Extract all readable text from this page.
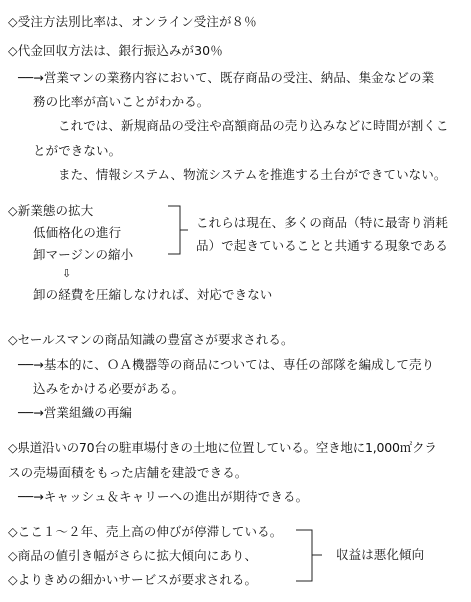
◇受注方法別比率は、オンライン受注が８％
◇代金回収方法は、銀行振込みが30％
──→営業マンの業務内容において、既存商品の受注、納品、集金などの業
務の比率が高いことがわかる。
これでは、新規商品の受注や高額商品の売り込みなどに時間が割くこ
とができない。
また、情報システム、物流システムを推進する土台ができていない。
◇新業態の拡大
低価格化の進行
卸マージンの縮小
これらは現在、多くの商品（特に最寄り消耗
品）で起きていることと共通する現象である
⇩
卸の経費を圧縮しなければ、対応できない
◇セールスマンの商品知識の豊富さが要求される。
──→基本的に、ＯＡ機器等の商品については、専任の部隊を編成して売り
込みをかける必要がある。
──→営業組織の再編
◇県道沿いの70台の駐車場付きの土地に位置している。空き地に1,000㎡クラ
スの売場面積をもった店舗を建設できる。
──→キャッシュ＆キャリーへの進出が期待できる。
◇ここ１～２年、売上高の伸びが停滞している。
◇商品の値引き幅がさらに拡大傾向にあり、
◇よりきめの細かいサービスが要求される。
収益は悪化傾向
